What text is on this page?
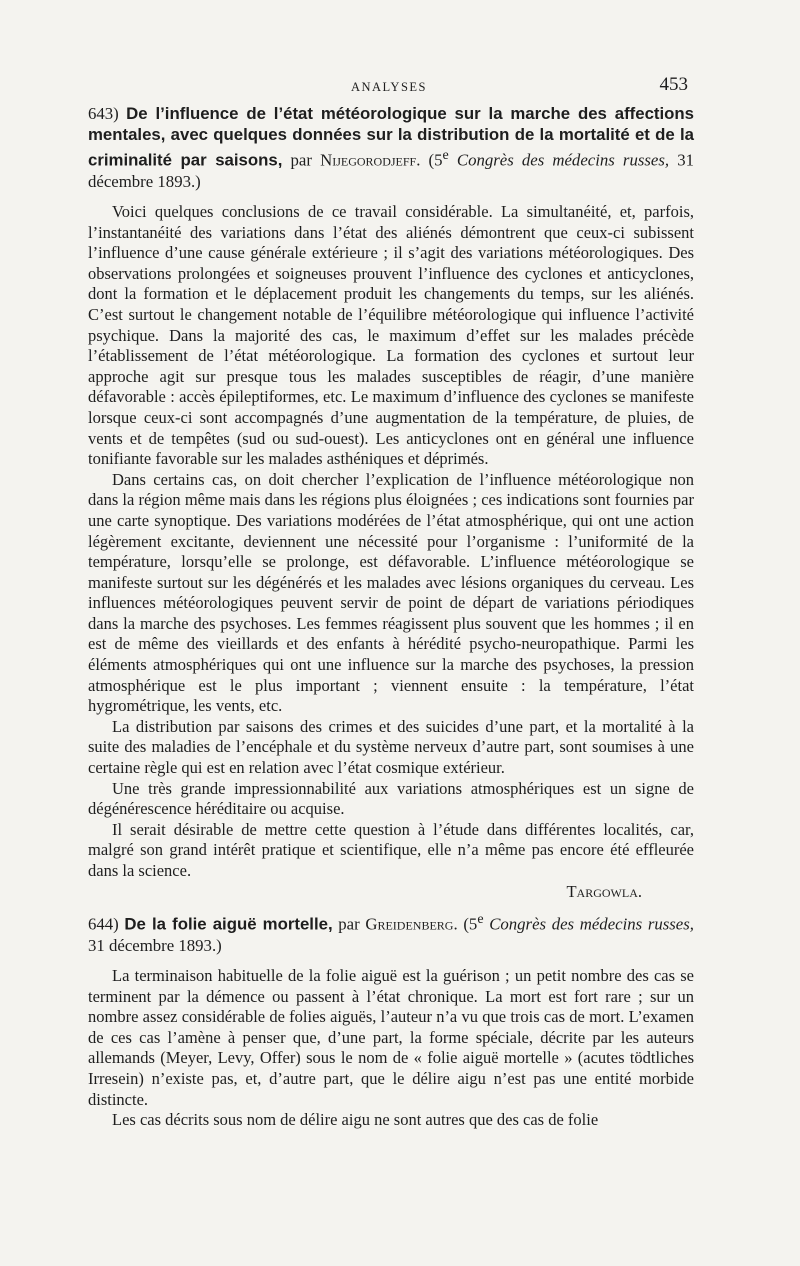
ANALYSES	453

643) De l’influence de l’état météorologique sur la marche des affections mentales, avec quelques données sur la distribution de la mortalité et de la criminalité par saisons, par Nijegorodjeff. (5e Congrès des médecins russes, 31 décembre 1893.)

Voici quelques conclusions de ce travail considérable. La simultanéité, et, parfois, l’instantanéité des variations dans l’état des aliénés démontrent que ceux-ci subissent l’influence d’une cause générale extérieure ; il s’agit des variations météorologiques. Des observations prolongées et soigneuses prouvent l’influence des cyclones et anticyclones, dont la formation et le déplacement produit les changements du temps, sur les aliénés. C’est surtout le changement notable de l’équilibre météorologique qui influence l’activité psychique. Dans la majorité des cas, le maximum d’effet sur les malades précède l’établissement de l’état météorologique. La formation des cyclones et surtout leur approche agit sur presque tous les malades susceptibles de réagir, d’une manière défavorable : accès épileptiformes, etc. Le maximum d’influence des cyclones se manifeste lorsque ceux-ci sont accompagnés d’une augmentation de la température, de pluies, de vents et de tempêtes (sud ou sud-ouest). Les anticyclones ont en général une influence tonifiante favorable sur les malades asthéniques et déprimés.

Dans certains cas, on doit chercher l’explication de l’influence météorologique non dans la région même mais dans les régions plus éloignées ; ces indications sont fournies par une carte synoptique. Des variations modérées de l’état atmosphérique, qui ont une action légèrement excitante, deviennent une nécessité pour l’organisme : l’uniformité de la température, lorsqu’elle se prolonge, est défavorable. L’influence météorologique se manifeste surtout sur les dégénérés et les malades avec lésions organiques du cerveau. Les influences météorologiques peuvent servir de point de départ de variations périodiques dans la marche des psychoses. Les femmes réagissent plus souvent que les hommes ; il en est de même des vieillards et des enfants à hérédité psycho-neuropathique. Parmi les éléments atmosphériques qui ont une influence sur la marche des psychoses, la pression atmosphérique est le plus important ; viennent ensuite : la température, l’état hygrométrique, les vents, etc.

La distribution par saisons des crimes et des suicides d’une part, et la mortalité à la suite des maladies de l’encéphale et du système nerveux d’autre part, sont soumises à une certaine règle qui est en relation avec l’état cosmique extérieur.

Une très grande impressionnabilité aux variations atmosphériques est un signe de dégénérescence héréditaire ou acquise.

Il serait désirable de mettre cette question à l’étude dans différentes localités, car, malgré son grand intérêt pratique et scientifique, elle n’a même pas encore été effleurée dans la science.

Targowla.

644) De la folie aiguë mortelle, par Greidenberg. (5e Congrès des médecins russes, 31 décembre 1893.)

La terminaison habituelle de la folie aiguë est la guérison ; un petit nombre des cas se terminent par la démence ou passent à l’état chronique. La mort est fort rare ; sur un nombre assez considérable de folies aiguës, l’auteur n’a vu que trois cas de mort. L’examen de ces cas l’amène à penser que, d’une part, la forme spéciale, décrite par les auteurs allemands (Meyer, Levy, Offer) sous le nom de « folie aiguë mortelle » (acutes tödtliches Irresein) n’existe pas, et, d’autre part, que le délire aigu n’est pas une entité morbide distincte.

Les cas décrits sous nom de délire aigu ne sont autres que des cas de folie
